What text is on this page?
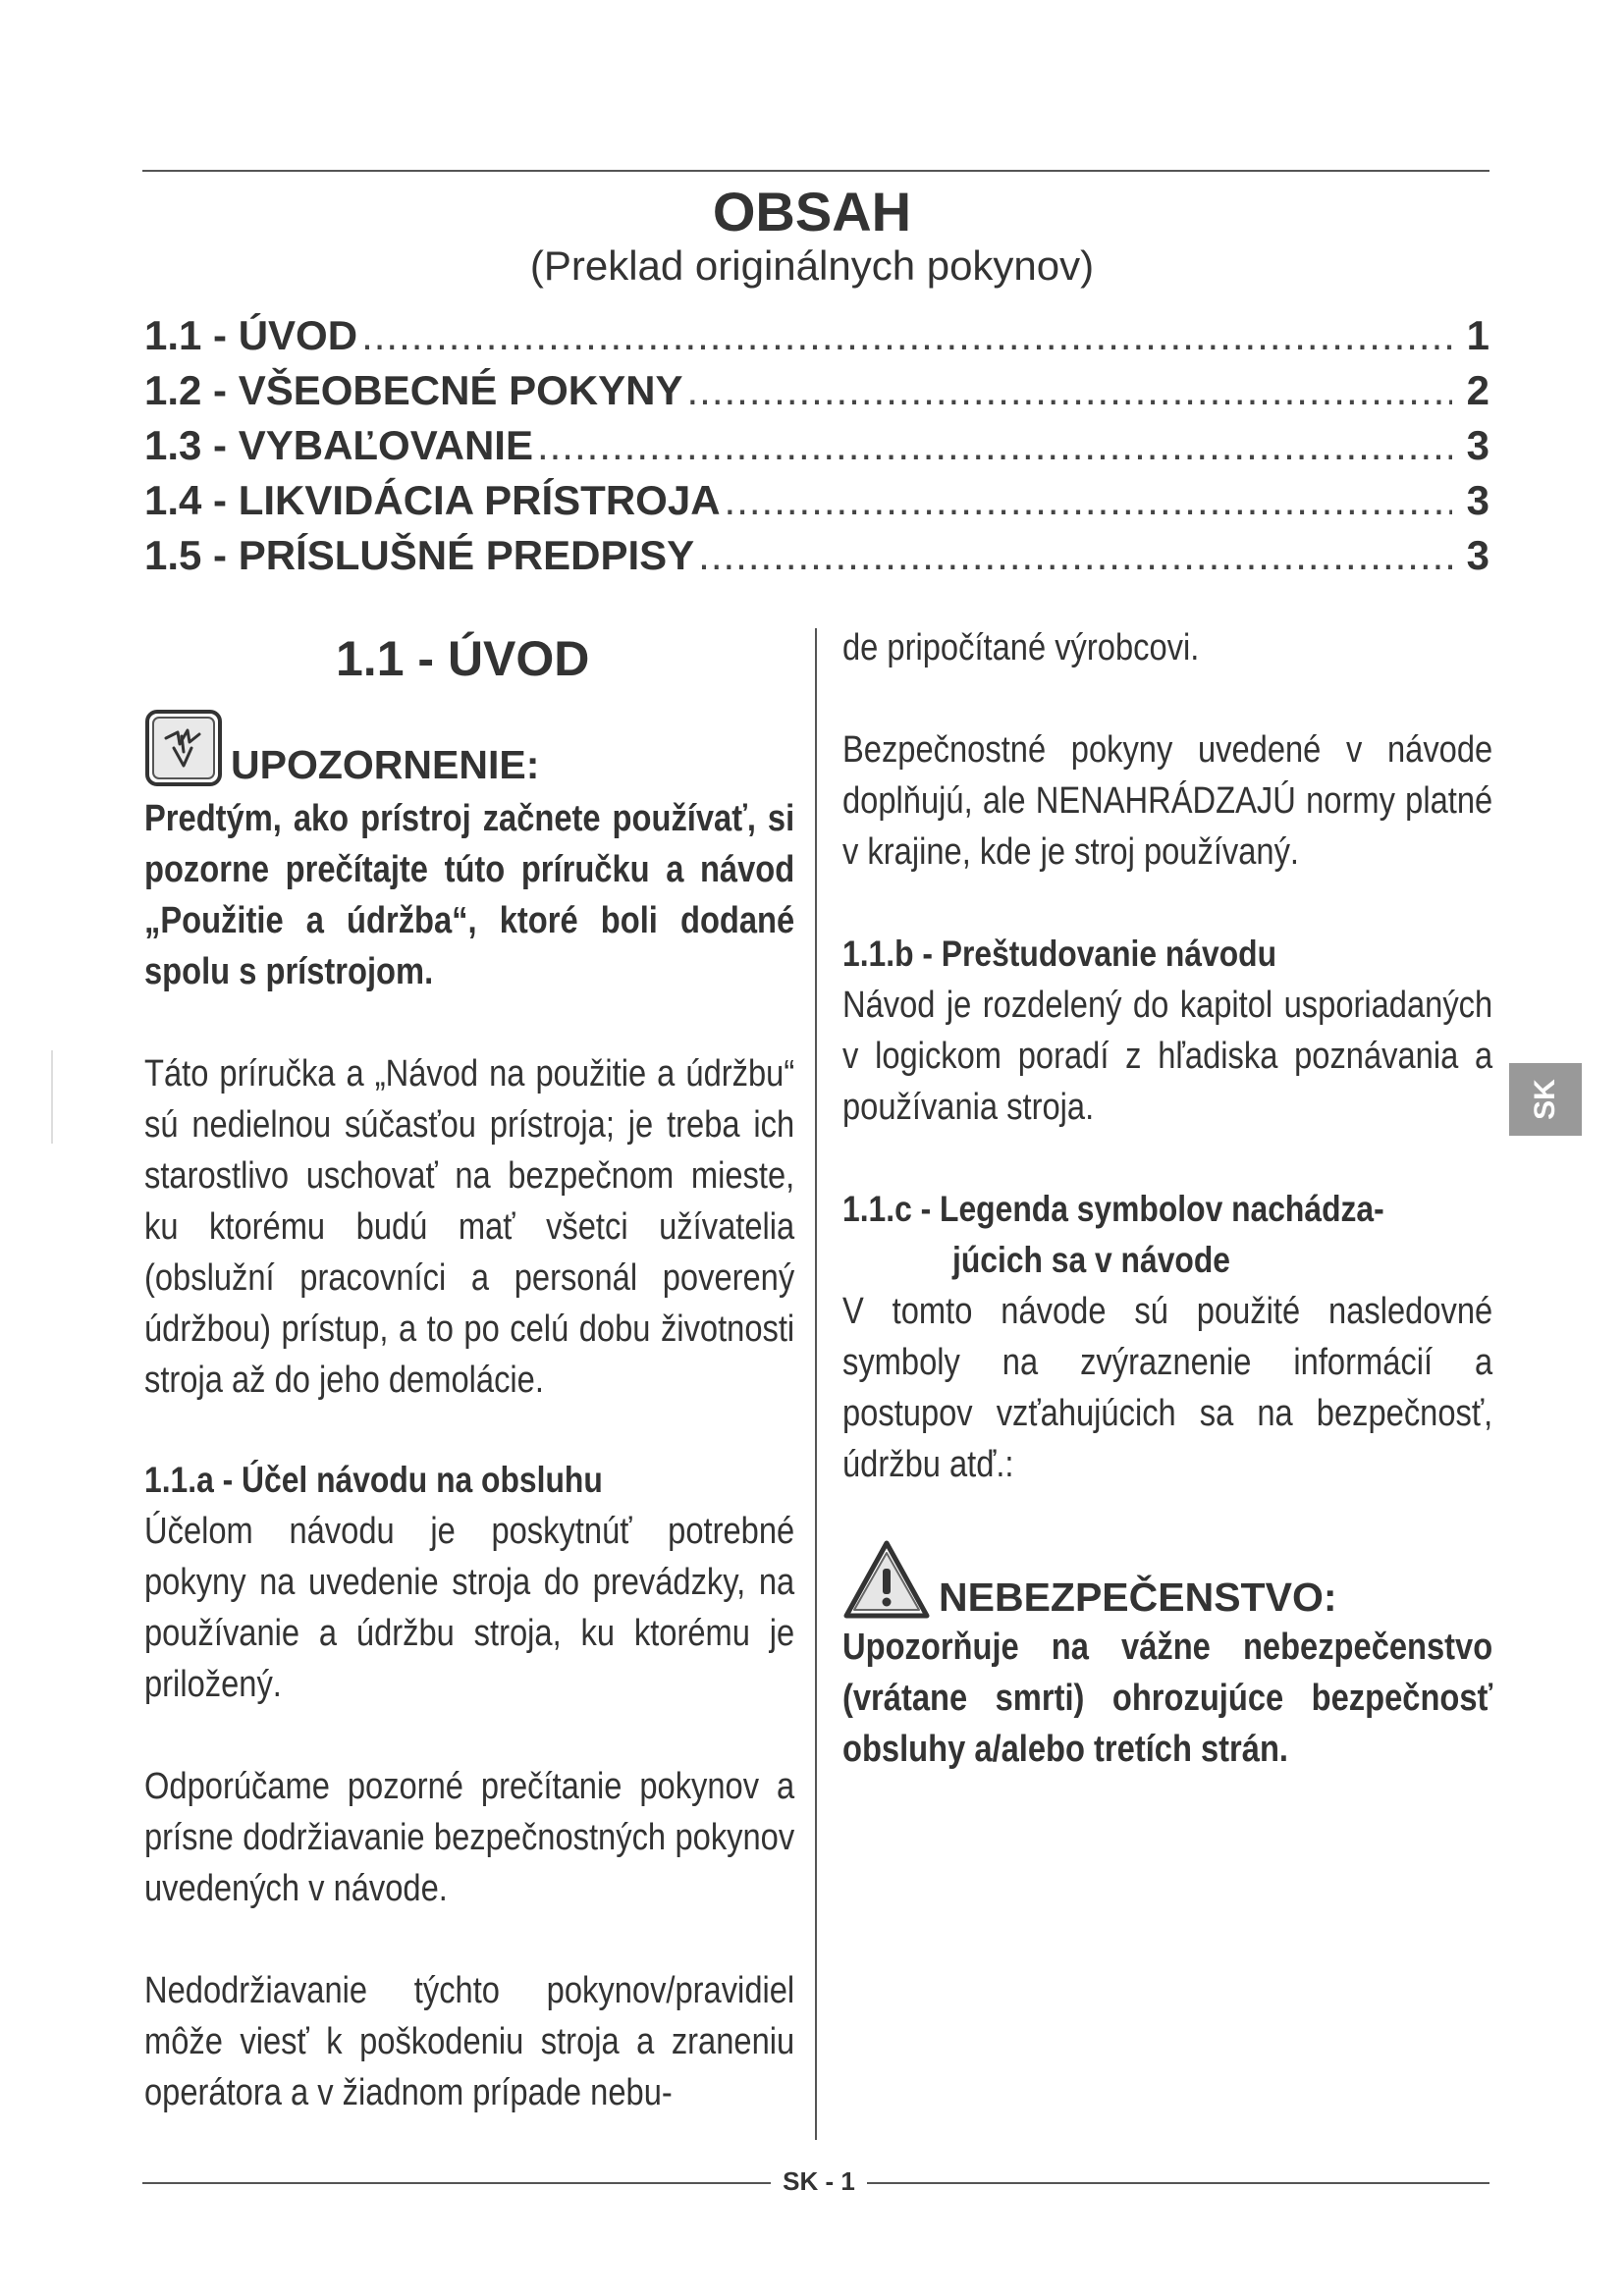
OBSAH
(Preklad originálnych pokynov)
1.1 - ÚVOD .....	1
1.2 - VŠEOBECNÉ POKYNY .....	2
1.3 - VYBAĽOVANIE .....	3
1.4 - LIKVIDÁCIA PRÍSTROJA .....	3
1.5 - PRÍSLUŠNÉ PREDPISY .....	3
1.1 - ÚVOD
UPOZORNENIE:
Predtým, ako prístroj začnete používať, si pozorne prečítajte túto príručku a návod „Použitie a údržba“, ktoré boli dodané spolu s prístrojom.
Táto príručka a „Návod na použitie a údržbu“ sú nedielnou súčasťou prístroja; je treba ich starostlivo uschovať na bezpečnom mieste, ku ktorému budú mať všetci užívatelia (obslužní pracovníci a personál poverený údržbou) prístup, a to po celú dobu životnosti stroja až do jeho demolácie.
1.1.a - Účel návodu na obsluhu
Účelom návodu je poskytnúť potrebné pokyny na uvedenie stroja do prevádzky, na používanie a údržbu stroja, ku ktorému je priložený.
Odporúčame pozorné prečítanie pokynov a prísne dodržiavanie bezpečnostných pokynov uvedených v návode.
Nedodržiavanie týchto pokynov/pravidiel môže viesť k poškodeniu stroja a zraneniu operátora a v žiadnom prípade nebu-
de pripočítané výrobcovi.
Bezpečnostné pokyny uvedené v návode doplňujú, ale NENAHRÁDZAJÚ normy platné v krajine, kde je stroj používaný.
1.1.b - Preštudovanie návodu
Návod je rozdelený do kapitol usporiadaných v logickom poradí z hľadiska poznávania a používania stroja.
1.1.c - Legenda symbolov nachádza-
júcich sa v návode
V tomto návode sú použité nasledovné symboly na zvýraznenie informácií a postupov vzťahujúcich sa na bezpečnosť, údržbu atď.:
NEBEZPEČENSTVO:
Upozorňuje na vážne nebezpečenstvo (vrátane smrti) ohrozujúce bezpečnosť obsluhy a/alebo tretích strán.
SK
SK - 1
